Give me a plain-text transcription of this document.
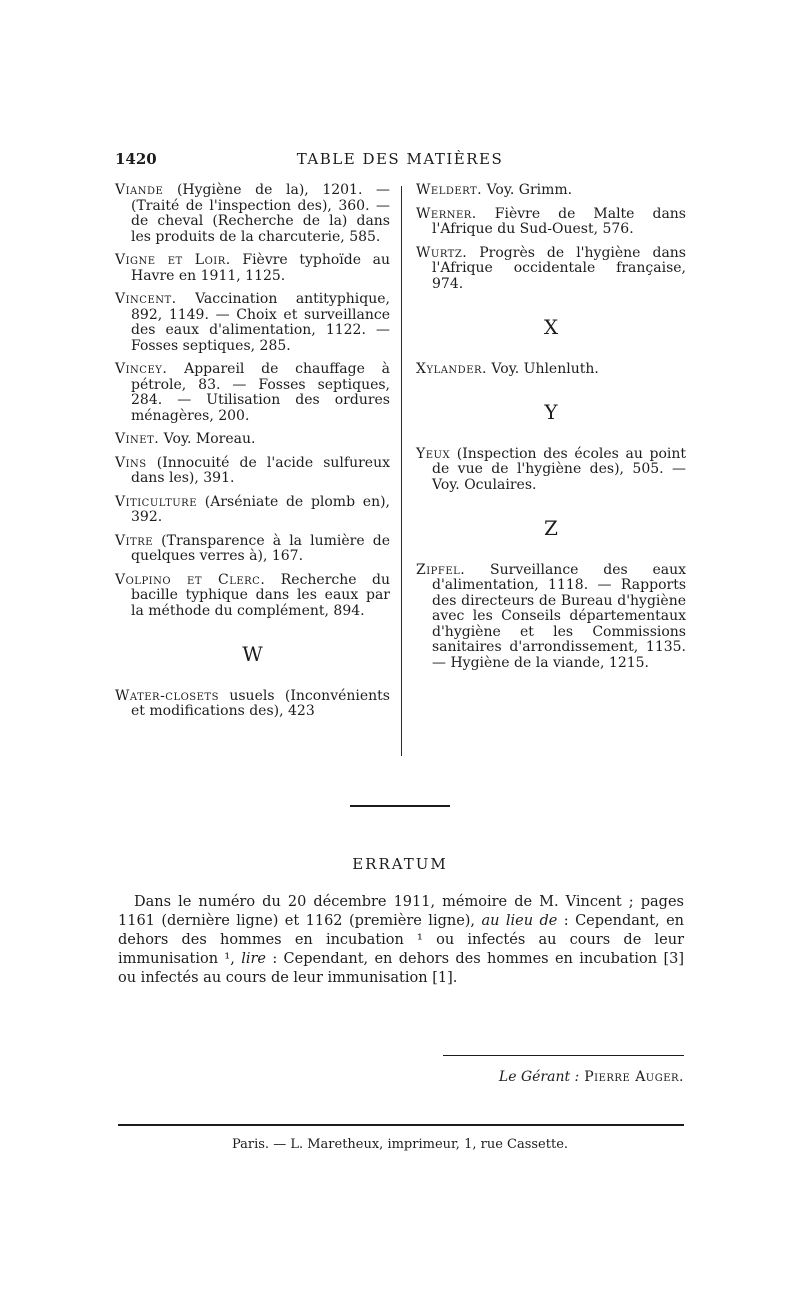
1420	TABLE DES MATIÈRES

Viande (Hygiène de la), 1201. — (Traité de l'inspection des), 360. — de cheval (Recherche de la) dans les produits de la charcuterie, 585.

Vigne et Loir. Fièvre typhoïde au Havre en 1911, 1125.

Vincent. Vaccination antityphique, 892, 1149. — Choix et surveillance des eaux d'alimentation, 1122. — Fosses septiques, 285.

Vincey. Appareil de chauffage à pétrole, 83. — Fosses septiques, 284. — Utilisation des ordures ménagères, 200.

Vinet. Voy. Moreau.

Vins (Innocuité de l'acide sulfureux dans les), 391.

Viticulture (Arséniate de plomb en), 392.

Vitre (Transparence à la lumière de quelques verres à), 167.

Volpino et Clerc. Recherche du bacille typhique dans les eaux par la méthode du complément, 894.

W

Water-closets usuels (Inconvénients et modifications des), 423

Weldert. Voy. Grimm.

Werner. Fièvre de Malte dans l'Afrique du Sud-Ouest, 576.

Wurtz. Progrès de l'hygiène dans l'Afrique occidentale française, 974.

X

Xylander. Voy. Uhlenluth.

Y

Yeux (Inspection des écoles au point de vue de l'hygiène des), 505. — Voy. Oculaires.

Z

Zipfel. Surveillance des eaux d'alimentation, 1118. — Rapports des directeurs de Bureau d'hygiène avec les Conseils départementaux d'hygiène et les Commissions sanitaires d'arrondissement, 1135. — Hygiène de la viande, 1215.

ERRATUM
Dans le numéro du 20 décembre 1911, mémoire de M. Vincent ; pages 1161 (dernière ligne) et 1162 (première ligne), au lieu de : Cependant, en dehors des hommes en incubation ¹ ou infectés au cours de leur immunisation ¹, lire : Cependant, en dehors des hommes en incubation [3] ou infectés au cours de leur immunisation [1].
Le Gérant : Pierre Auger.
Paris. — L. Maretheux, imprimeur, 1, rue Cassette.
